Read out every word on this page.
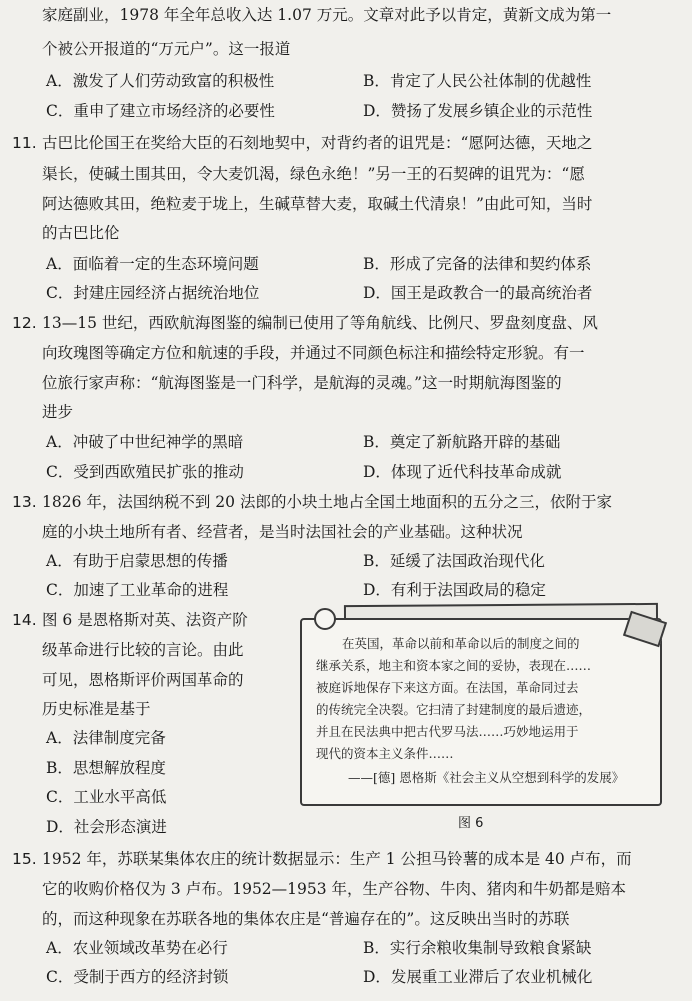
家庭副业，1978 年全年总收入达 1.07 万元。文章对此予以肯定，黄新文成为第一
个被公开报道的“万元户”。这一报道
A．激发了人们劳动致富的积极性	B．肯定了人民公社体制的优越性
C．重申了建立市场经济的必要性	D．赞扬了发展乡镇企业的示范性
11. 古巴比伦国王在奖给大臣的石刻地契中，对背约者的诅咒是：“愿阿达德，天地之
渠长，使碱土围其田，令大麦饥渴，绿色永绝！”另一王的石契碑的诅咒为：“愿
阿达德败其田，绝粒麦于垅上，生碱草替大麦，取碱土代清泉！”由此可知，当时
的古巴比伦
A．面临着一定的生态环境问题	B．形成了完备的法律和契约体系
C．封建庄园经济占据统治地位	D．国王是政教合一的最高统治者
12. 13—15 世纪，西欧航海图鉴的编制已使用了等角航线、比例尺、罗盘刻度盘、风
向玫瑰图等确定方位和航速的手段，并通过不同颜色标注和描绘特定形貌。有一
位旅行家声称：“航海图鉴是一门科学，是航海的灵魂。”这一时期航海图鉴的
进步
A．冲破了中世纪神学的黑暗	B．奠定了新航路开辟的基础
C．受到西欧殖民扩张的推动	D．体现了近代科技革命成就
13. 1826 年，法国纳税不到 20 法郎的小块土地占全国土地面积的五分之三，依附于家
庭的小块土地所有者、经营者，是当时法国社会的产业基础。这种状况
A．有助于启蒙思想的传播	B．延缓了法国政治现代化
C．加速了工业革命的进程	D．有利于法国政局的稳定
14. 图 6 是恩格斯对英、法资产阶
级革命进行比较的言论。由此
可见，恩格斯评价两国革命的
历史标准是基于
A．法律制度完备
B．思想解放程度
C．工业水平高低
D．社会形态演进
在英国，革命以前和革命以后的制度之间的
继承关系，地主和资本家之间的妥协，表现在……
被庭诉地保存下来这方面。在法国，革命同过去
的传统完全决裂。它扫清了封建制度的最后遗迹，
并且在民法典中把古代罗马法……巧妙地运用于
现代的资本主义条件……
——[德] 恩格斯《社会主义从空想到科学的发展》
图 6
15. 1952 年，苏联某集体农庄的统计数据显示：生产 1 公担马铃薯的成本是 40 卢布，而
它的收购价格仅为 3 卢布。1952—1953 年，生产谷物、牛肉、猪肉和牛奶都是赔本
的，而这种现象在苏联各地的集体农庄是“普遍存在的”。这反映出当时的苏联
A．农业领域改革势在必行	B．实行余粮收集制导致粮食紧缺
C．受制于西方的经济封锁	D．发展重工业滞后了农业机械化
